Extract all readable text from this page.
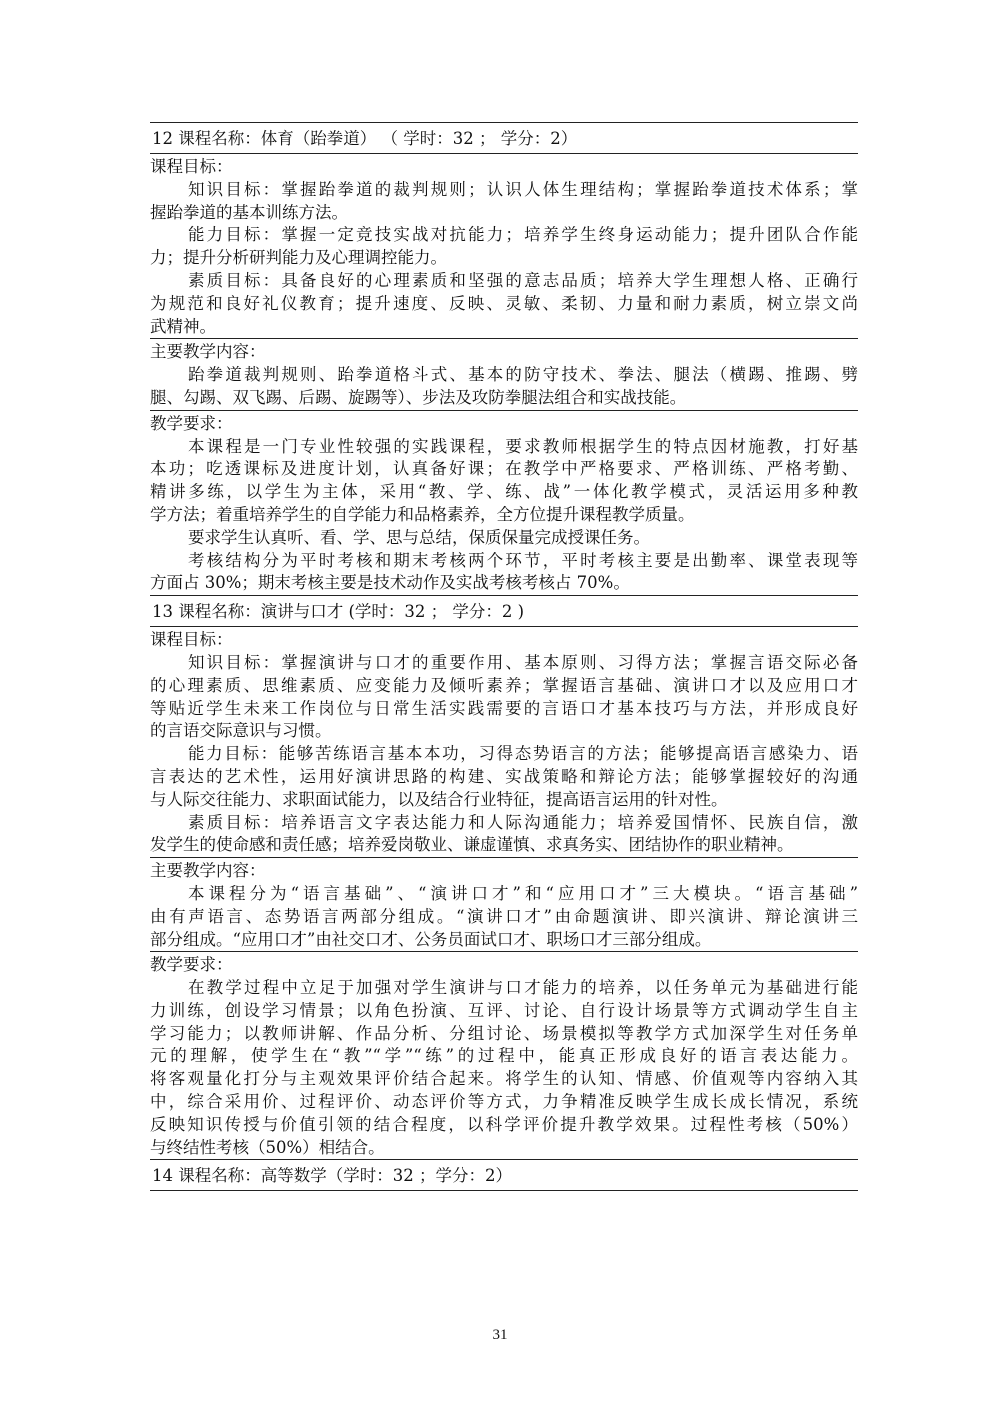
12 课程名称：体育（跆拳道） （ 学时：32 ； 学分：2）
课程目标：
知识目标：掌握跆拳道的裁判规则；认识人体生理结构；掌握跆拳道技术体系；掌
握跆拳道的基本训练方法。
能力目标：掌握一定竞技实战对抗能力；培养学生终身运动能力；提升团队合作能
力；提升分析研判能力及心理调控能力。
素质目标：具备良好的心理素质和坚强的意志品质；培养大学生理想人格、正确行
为规范和良好礼仪教育；提升速度、反映、灵敏、柔韧、力量和耐力素质，树立崇文尚
武精神。
主要教学内容：
跆拳道裁判规则、跆拳道格斗式、基本的防守技术、拳法、腿法（横踢、推踢、劈
腿、勾踢、双飞踢、后踢、旋踢等）、步法及攻防拳腿法组合和实战技能。
教学要求：
本课程是一门专业性较强的实践课程，要求教师根据学生的特点因材施教，打好基
本功；吃透课标及进度计划，认真备好课；在教学中严格要求、严格训练、严格考勤、
精讲多练，以学生为主体，采用“教、学、练、战”一体化教学模式，灵活运用多种教
学方法；着重培养学生的自学能力和品格素养，全方位提升课程教学质量。
要求学生认真听、看、学、思与总结，保质保量完成授课任务。
考核结构分为平时考核和期末考核两个环节，平时考核主要是出勤率、课堂表现等
方面占 30%；期末考核主要是技术动作及实战考核考核占 70%。
13 课程名称：演讲与口才 (学时：32 ； 学分：2 )
课程目标：
知识目标：掌握演讲与口才的重要作用、基本原则、习得方法；掌握言语交际必备
的心理素质、思维素质、应变能力及倾听素养；掌握语言基础、演讲口才以及应用口才
等贴近学生未来工作岗位与日常生活实践需要的言语口才基本技巧与方法，并形成良好
的言语交际意识与习惯。
能力目标：能够苦练语言基本本功，习得态势语言的方法；能够提高语言感染力、语
言表达的艺术性，运用好演讲思路的构建、实战策略和辩论方法；能够掌握较好的沟通
与人际交往能力、求职面试能力，以及结合行业特征，提高语言运用的针对性。
素质目标：培养语言文字表达能力和人际沟通能力；培养爱国情怀、民族自信，激
发学生的使命感和责任感；培养爱岗敬业、谦虚谨慎、求真务实、团结协作的职业精神。
主要教学内容：
本课程分为“语言基础”、“演讲口才”和“应用口才”三大模块。“语言基础”
由有声语言、态势语言两部分组成。“演讲口才”由命题演讲、即兴演讲、辩论演讲三
部分组成。“应用口才”由社交口才、公务员面试口才、职场口才三部分组成。
教学要求：
在教学过程中立足于加强对学生演讲与口才能力的培养，以任务单元为基础进行能
力训练，创设学习情景；以角色扮演、互评、讨论、自行设计场景等方式调动学生自主
学习能力；以教师讲解、作品分析、分组讨论、场景模拟等教学方式加深学生对任务单
元的理解，使学生在“教”“学”“练”的过程中，能真正形成良好的语言表达能力。
将客观量化打分与主观效果评价结合起来。将学生的认知、情感、价值观等内容纳入其
中，综合采用价、过程评价、动态评价等方式，力争精准反映学生成长成长情况，系统
反映知识传授与价值引领的结合程度，以科学评价提升教学效果。过程性考核（50%）
与终结性考核（50%）相结合。
14 课程名称：高等数学（学时：32 ；学分：2）
31
